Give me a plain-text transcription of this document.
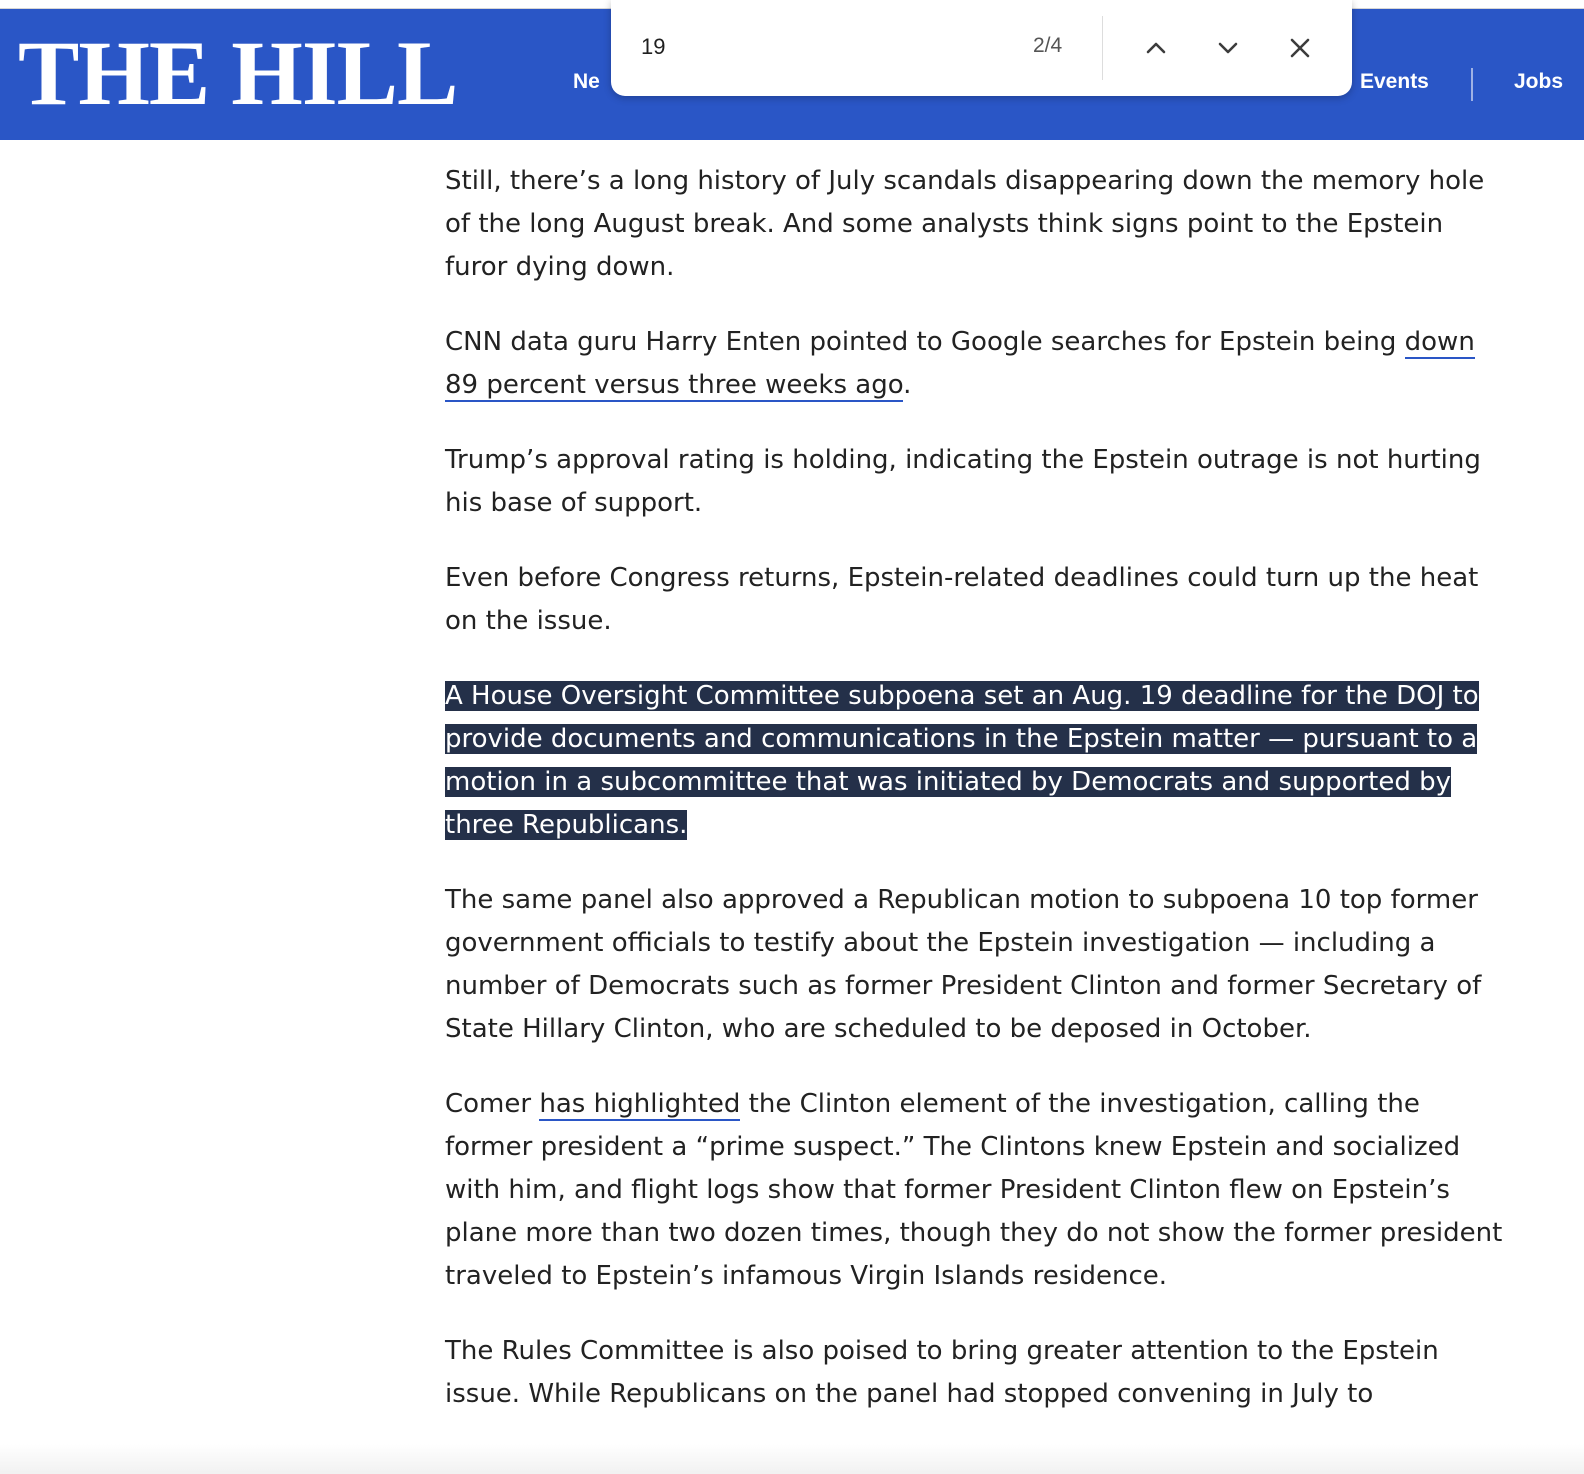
THE HILL	Ne	Events	Jobs
19
2/4

Still, there’s a long history of July scandals disappearing down the memory hole of the long August break. And some analysts think signs point to the Epstein furor dying down.

CNN data guru Harry Enten pointed to Google searches for Epstein being down 89 percent versus three weeks ago.

Trump’s approval rating is holding, indicating the Epstein outrage is not hurting his base of support.

Even before Congress returns, Epstein-related deadlines could turn up the heat on the issue.

A House Oversight Committee subpoena set an Aug. 19 deadline for the DOJ to provide documents and communications in the Epstein matter — pursuant to a motion in a subcommittee that was initiated by Democrats and supported by three Republicans.

The same panel also approved a Republican motion to subpoena 10 top former government officials to testify about the Epstein investigation — including a number of Democrats such as former President Clinton and former Secretary of State Hillary Clinton, who are scheduled to be deposed in October.

Comer has highlighted the Clinton element of the investigation, calling the former president a “prime suspect.” The Clintons knew Epstein and socialized with him, and flight logs show that former President Clinton flew on Epstein’s plane more than two dozen times, though they do not show the former president traveled to Epstein’s infamous Virgin Islands residence.

The Rules Committee is also poised to bring greater attention to the Epstein issue. While Republicans on the panel had stopped convening in July to
